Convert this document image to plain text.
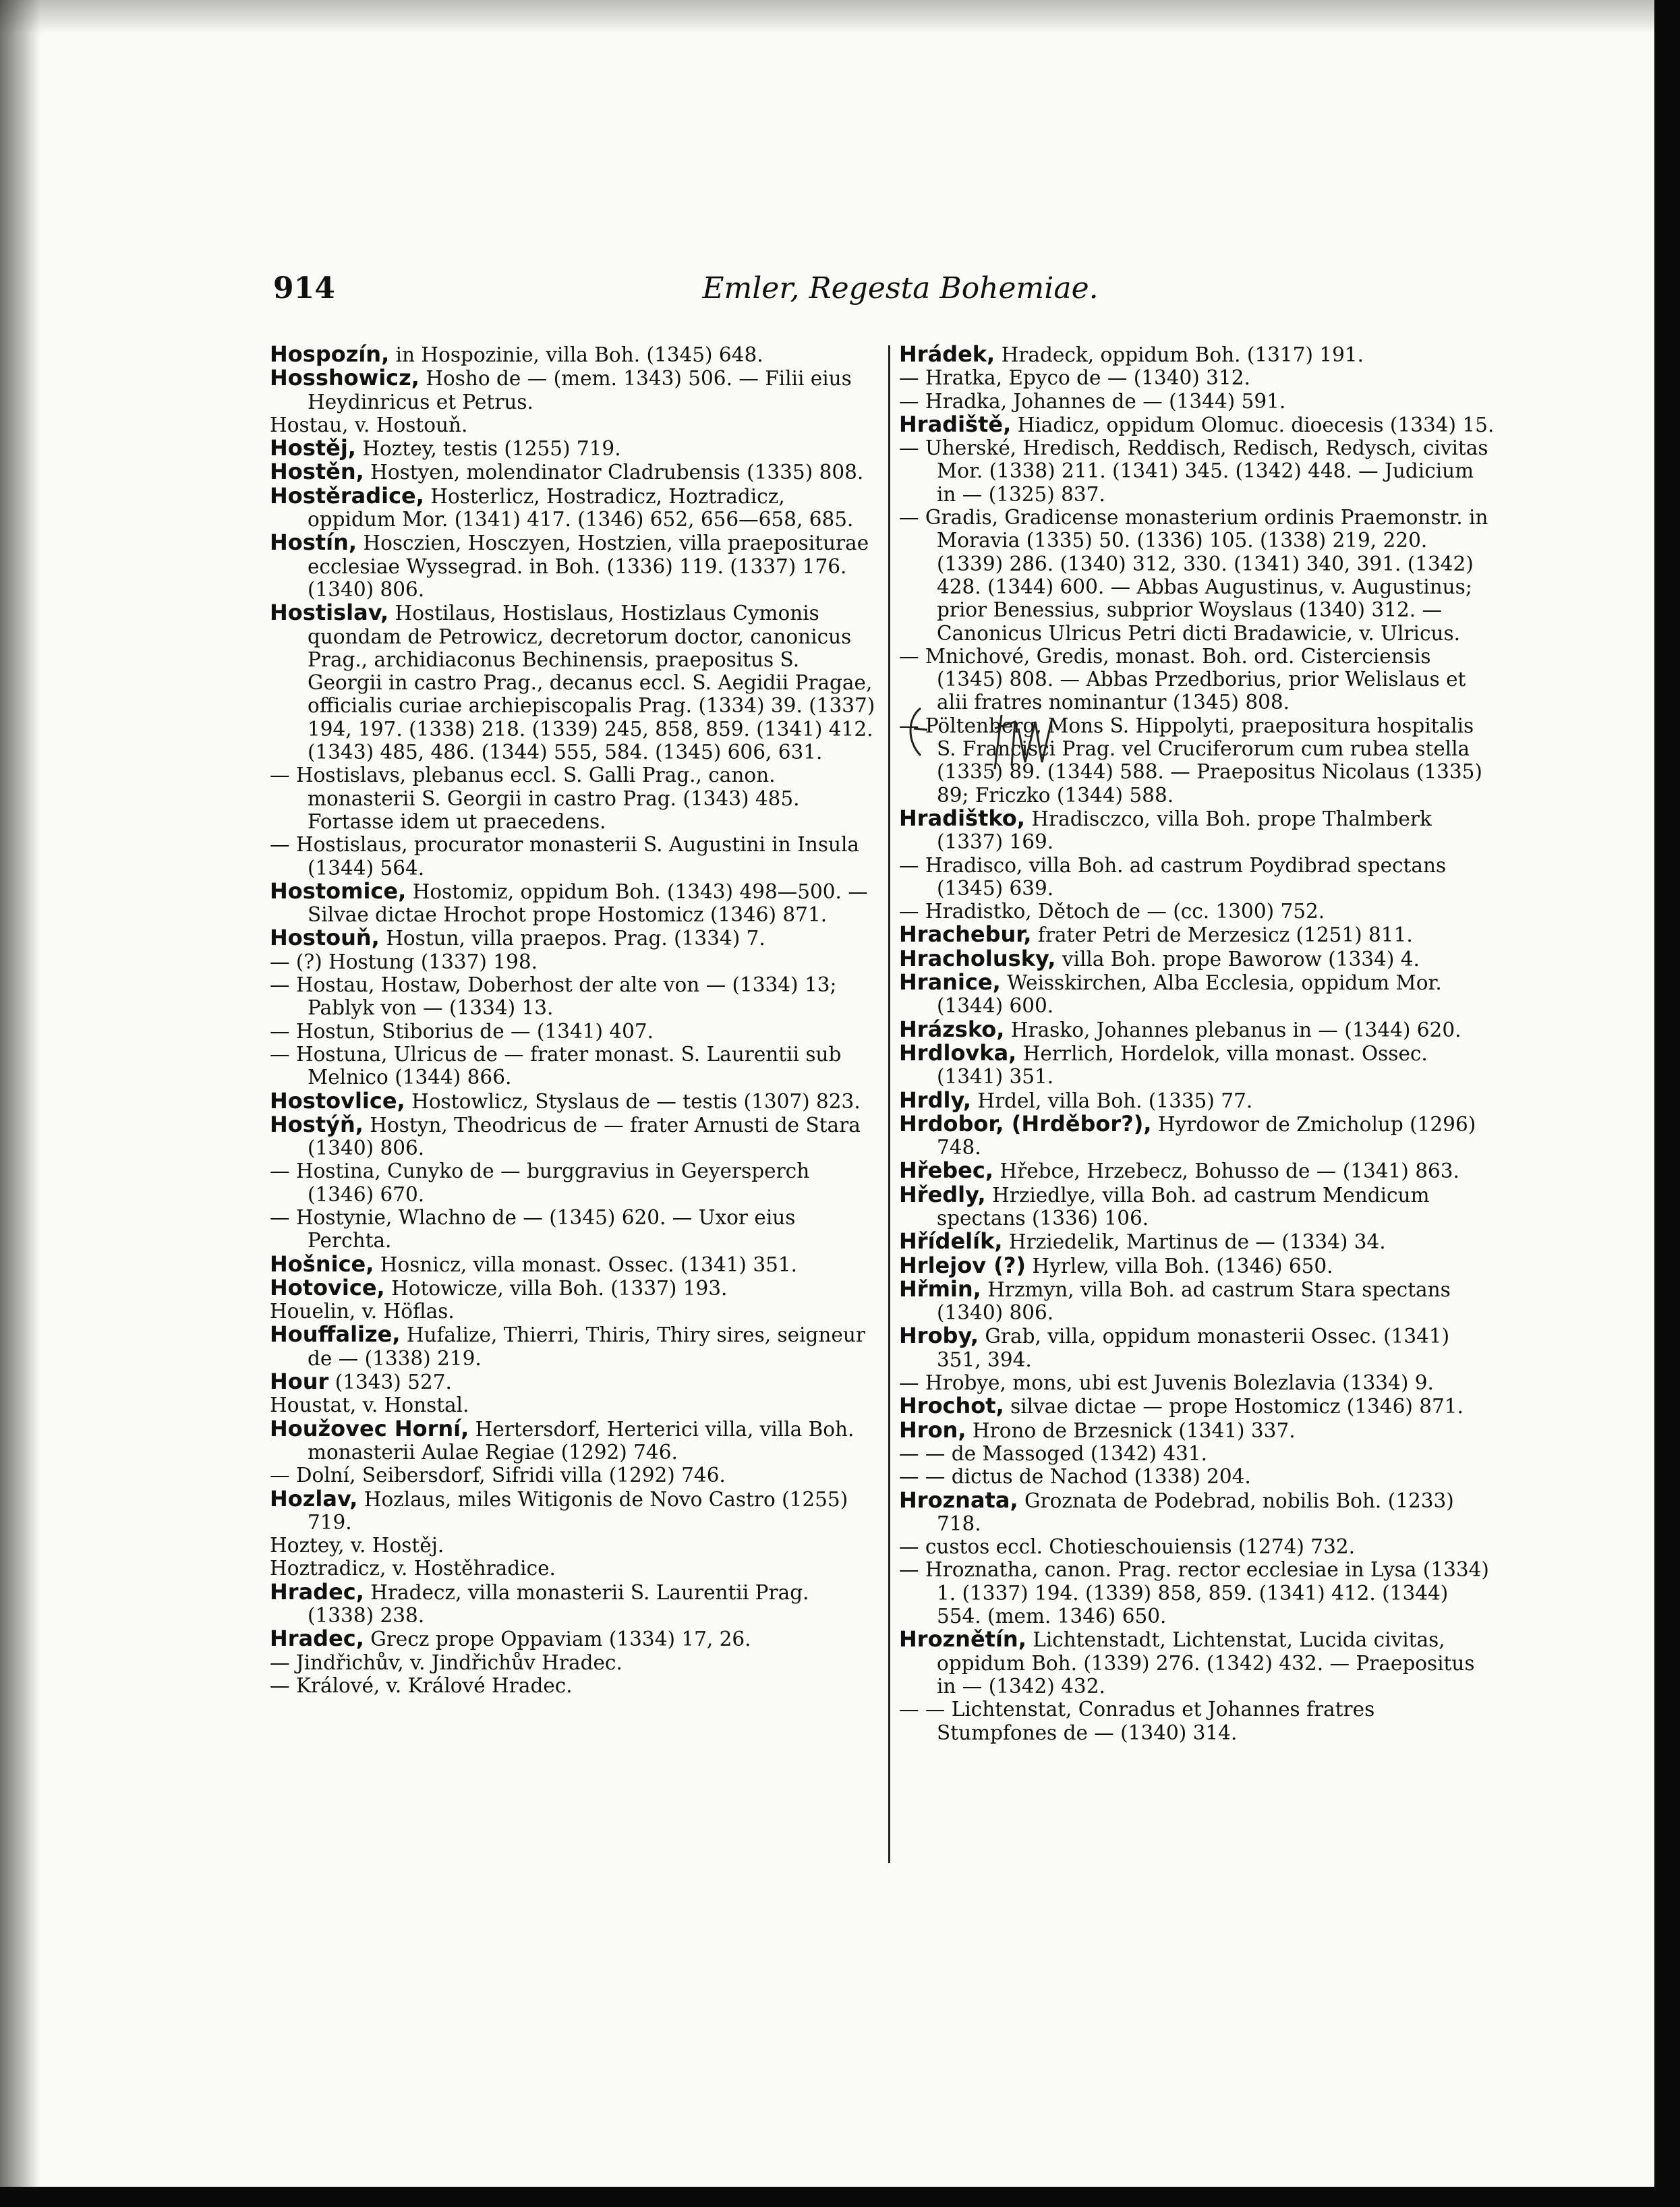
914	Emler, Regesta Bohemiae.

Hospozín, in Hospozinie, villa Boh. (1345) 648.

Hosshowicz, Hosho de — (mem. 1343) 506. — Filii eius Heydinricus et Petrus.

Hostau, v. Hostouň.

Hostěj, Hoztey, testis (1255) 719.

Hostěn, Hostyen, molendinator Cladrubensis (1335) 808.

Hostěradice, Hosterlicz, Hostradicz, Hoztradicz, oppidum Mor. (1341) 417. (1346) 652, 656—658, 685.

Hostín, Hosczien, Hosczyen, Hostzien, villa praepositurae ecclesiae Wyssegrad. in Boh. (1336) 119. (1337) 176. (1340) 806.

Hostislav, Hostilaus, Hostislaus, Hostizlaus Cymonis quondam de Petrowicz, decretorum doctor, canonicus Prag., archidiaconus Bechinensis, praepositus S. Georgii in castro Prag., decanus eccl. S. Aegidii Pragae, officialis curiae archiepiscopalis Prag. (1334) 39. (1337) 194, 197. (1338) 218. (1339) 245, 858, 859. (1341) 412. (1343) 485, 486. (1344) 555, 584. (1345) 606, 631.

— Hostislavs, plebanus eccl. S. Galli Prag., canon. monasterii S. Georgii in castro Prag. (1343) 485. Fortasse idem ut praecedens.

— Hostislaus, procurator monasterii S. Augustini in Insula (1344) 564.

Hostomice, Hostomiz, oppidum Boh. (1343) 498—500. — Silvae dictae Hrochot prope Hostomicz (1346) 871.

Hostouň, Hostun, villa praepos. Prag. (1334) 7.

— (?) Hostung (1337) 198.

— Hostau, Hostaw, Doberhost der alte von — (1334) 13; Pablyk von — (1334) 13.

— Hostun, Stiborius de — (1341) 407.

— Hostuna, Ulricus de — frater monast. S. Laurentii sub Melnico (1344) 866.

Hostovlice, Hostowlicz, Styslaus de — testis (1307) 823.

Hostýň, Hostyn, Theodricus de — frater Arnusti de Stara (1340) 806.

— Hostina, Cunyko de — burggravius in Geyersperch (1346) 670.

— Hostynie, Wlachno de — (1345) 620. — Uxor eius Perchta.

Hošnice, Hosnicz, villa monast. Ossec. (1341) 351.

Hotovice, Hotowicze, villa Boh. (1337) 193.

Houelin, v. Höflas.

Houffalize, Hufalize, Thierri, Thiris, Thiry sires, seigneur de — (1338) 219.

Hour (1343) 527.

Houstat, v. Honstal.

Houžovec Horní, Hertersdorf, Herterici villa, villa Boh. monasterii Aulae Regiae (1292) 746.

— Dolní, Seibersdorf, Sifridi villa (1292) 746.

Hozlav, Hozlaus, miles Witigonis de Novo Castro (1255) 719.

Hoztey, v. Hostěj.

Hoztradicz, v. Hostěhradice.

Hradec, Hradecz, villa monasterii S. Laurentii Prag. (1338) 238.

Hradec, Grecz prope Oppaviam (1334) 17, 26.

— Jindřichův, v. Jindřichův Hradec.

— Králové, v. Králové Hradec.

Hrádek, Hradeck, oppidum Boh. (1317) 191.

— Hratka, Epyco de — (1340) 312.

— Hradka, Johannes de — (1344) 591.

Hradiště, Hiadicz, oppidum Olomuc. dioecesis (1334) 15.

— Uherské, Hredisch, Reddisch, Redisch, Redysch, civitas Mor. (1338) 211. (1341) 345. (1342) 448. — Judicium in — (1325) 837.

— Gradis, Gradicense monasterium ordinis Praemonstr. in Moravia (1335) 50. (1336) 105. (1338) 219, 220. (1339) 286. (1340) 312, 330. (1341) 340, 391. (1342) 428. (1344) 600. — Abbas Augustinus, v. Augustinus; prior Benessius, subprior Woyslaus (1340) 312. — Canonicus Ulricus Petri dicti Bradawicie, v. Ulricus.

— Mnichové, Gredis, monast. Boh. ord. Cisterciensis (1345) 808. — Abbas Przedborius, prior Welislaus et alii fratres nominantur (1345) 808.

— Pöltenberg, Mons S. Hippolyti, praepositura hospitalis S. Francisci Prag. vel Cruciferorum cum rubea stella (1335) 89. (1344) 588. — Praepositus Nicolaus (1335) 89; Friczko (1344) 588.

Hradištko, Hradisczco, villa Boh. prope Thalmberk (1337) 169.

— Hradisco, villa Boh. ad castrum Poydibrad spectans (1345) 639.

— Hradistko, Dětoch de — (cc. 1300) 752.

Hrachebur, frater Petri de Merzesicz (1251) 811.

Hracholusky, villa Boh. prope Baworow (1334) 4.

Hranice, Weisskirchen, Alba Ecclesia, oppidum Mor. (1344) 600.

Hrázsko, Hrasko, Johannes plebanus in — (1344) 620.

Hrdlovka, Herrlich, Hordelok, villa monast. Ossec. (1341) 351.

Hrdly, Hrdel, villa Boh. (1335) 77.

Hrdobor, (Hrděbor?), Hyrdowor de Zmicholup (1296) 748.

Hřebec, Hřebce, Hrzebecz, Bohusso de — (1341) 863.

Hředly, Hrziedlye, villa Boh. ad castrum Mendicum spectans (1336) 106.

Hřídelík, Hrziedelik, Martinus de — (1334) 34.

Hrlejov (?) Hyrlew, villa Boh. (1346) 650.

Hřmin, Hrzmyn, villa Boh. ad castrum Stara spectans (1340) 806.

Hroby, Grab, villa, oppidum monasterii Ossec. (1341) 351, 394.

— Hrobye, mons, ubi est Juvenis Bolezlavia (1334) 9.

Hrochot, silvae dictae — prope Hostomicz (1346) 871.

Hron, Hrono de Brzesnick (1341) 337.

— — de Massoged (1342) 431.

— — dictus de Nachod (1338) 204.

Hroznata, Groznata de Podebrad, nobilis Boh. (1233) 718.

— custos eccl. Chotieschouiensis (1274) 732.

— Hroznatha, canon. Prag. rector ecclesiae in Lysa (1334) 1. (1337) 194. (1339) 858, 859. (1341) 412. (1344) 554. (mem. 1346) 650.

Hroznětín, Lichtenstadt, Lichtenstat, Lucida civitas, oppidum Boh. (1339) 276. (1342) 432. — Praepositus in — (1342) 432.

— — Lichtenstat, Conradus et Johannes fratres Stumpfones de — (1340) 314.
